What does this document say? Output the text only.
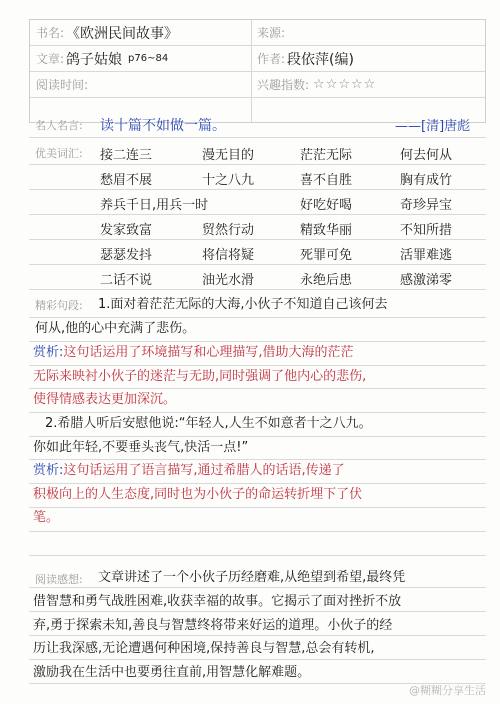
书名: 《欧洲民间故事》	来源:
文章: 鸽子姑娘 p76~84	作者: 段依萍(编)
阅读时间:	兴趣指数: ☆☆☆☆☆
名人名言: 读十篇不如做一篇。	——[清]唐彪
优美词汇: 接二连三	漫无目的	茫茫无际	何去何从
愁眉不展	十之八九	喜不自胜	胸有成竹
养兵千日,用兵一时	好吃好喝	奇珍异宝
发家致富	贸然行动	精致华丽	不知所措
瑟瑟发抖	将信将疑	死罪可免	活罪难逃
二话不说	油光水滑	永绝后患	感激涕零
精彩句段: 1.面对着茫茫无际的大海,小伙子不知道自己该何去

何从,他的心中充满了悲伤。

赏析:这句话运用了环境描写和心理描写,借助大海的茫茫

无际来映衬小伙子的迷茫与无助,同时强调了他内心的悲伤,

使得情感表达更加深沉。

2.希腊人听后安慰他说:“年轻人,人生不如意者十之八九。

你如此年轻,不要垂头丧气,快活一点!”

赏析:这句话运用了语言描写,通过希腊人的话语,传递了

积极向上的人生态度,同时也为小伙子的命运转折埋下了伏

笔。

阅读感想: 文章讲述了一个小伙子历经磨难,从绝望到希望,最终凭

借智慧和勇气战胜困难,收获幸福的故事。它揭示了面对挫折不放

弃,勇于探索未知,善良与智慧终将带来好运的道理。小伙子的经

历让我深感,无论遭遇何种困境,保持善良与智慧,总会有转机,

激励我在生活中也要勇往直前,用智慧化解难题。

@糊糊分享生活
